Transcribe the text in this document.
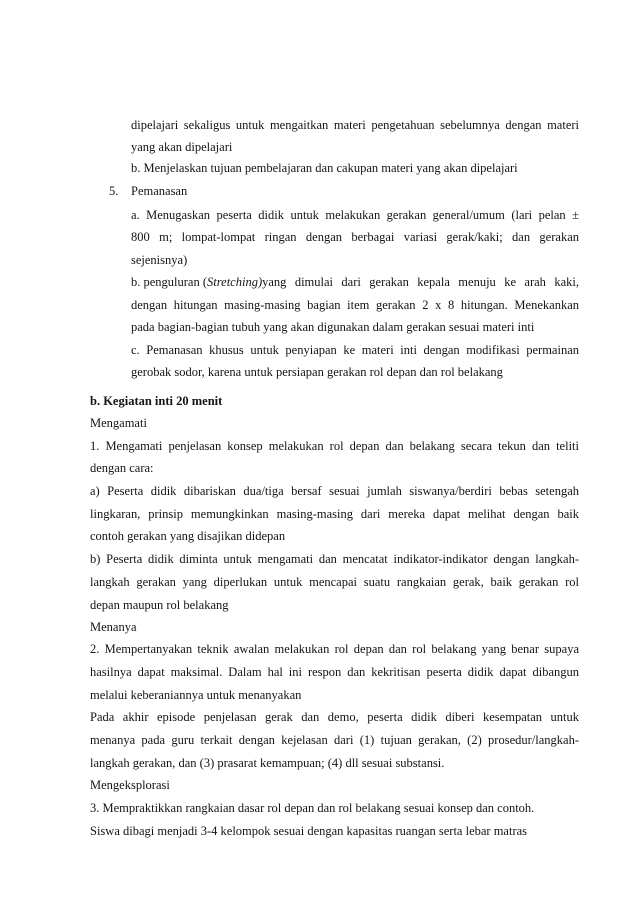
dipelajari sekaligus untuk mengaitkan materi pengetahuan sebelumnya dengan materi
yang akan dipelajari
b. Menjelaskan tujuan pembelajaran dan cakupan materi yang akan dipelajari
5. Pemanasan
a. Menugaskan peserta didik untuk melakukan gerakan general/umum (lari pelan ±
800 m; lompat-lompat ringan dengan berbagai variasi gerak/kaki; dan gerakan
sejenisnya)
b. penguluran ( Stretching) yang dimulai dari gerakan kepala menuju ke arah kaki,
dengan hitungan masing-masing bagian item gerakan 2 x 8 hitungan. Menekankan
pada bagian-bagian tubuh yang akan digunakan dalam gerakan sesuai materi inti
c. Pemanasan khusus untuk penyiapan ke materi inti dengan modifikasi permainan
gerobak sodor, karena untuk persiapan gerakan rol depan dan rol belakang
b. Kegiatan inti 20 menit
Mengamati
1. Mengamati penjelasan konsep melakukan rol depan dan belakang secara tekun dan teliti
dengan cara:
a) Peserta didik dibariskan dua/tiga bersaf sesuai jumlah siswanya/berdiri bebas setengah
lingkaran, prinsip memungkinkan masing-masing dari mereka dapat melihat dengan baik
contoh gerakan yang disajikan didepan
b) Peserta didik diminta untuk mengamati dan mencatat indikator-indikator dengan langkah-
langkah gerakan yang diperlukan untuk mencapai suatu rangkaian gerak, baik gerakan rol
depan maupun rol belakang
Menanya
2. Mempertanyakan teknik awalan melakukan rol depan dan rol belakang yang benar supaya
hasilnya dapat maksimal. Dalam hal ini respon dan kekritisan peserta didik dapat dibangun
melalui keberaniannya untuk menanyakan
Pada akhir episode penjelasan gerak dan demo, peserta didik diberi kesempatan untuk
menanya pada guru terkait dengan kejelasan dari (1) tujuan gerakan, (2) prosedur/langkah-
langkah gerakan, dan (3) prasarat kemampuan; (4) dll sesuai substansi.
Mengeksplorasi
3. Mempraktikkan rangkaian dasar rol depan dan rol belakang sesuai konsep dan contoh.
Siswa dibagi menjadi 3-4 kelompok sesuai dengan kapasitas ruangan serta lebar matras
